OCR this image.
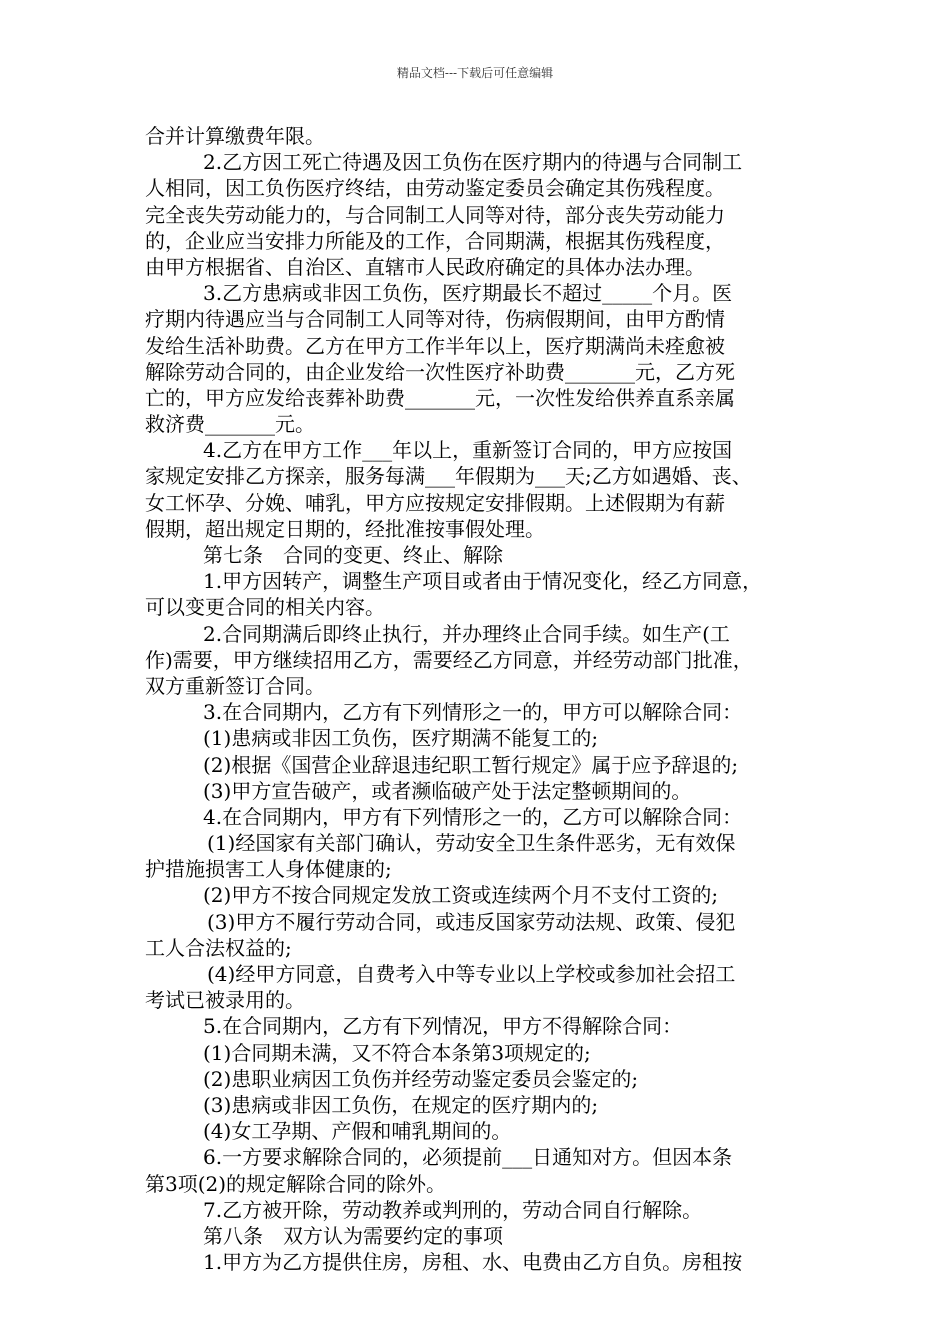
精品文档---下载后可任意编辑
合并计算缴费年限。
2.乙方因工死亡待遇及因工负伤在医疗期内的待遇与合同制工
人相同，因工负伤医疗终结，由劳动鉴定委员会确定其伤残程度。
完全丧失劳动能力的，与合同制工人同等对待，部分丧失劳动能力
的，企业应当安排力所能及的工作，合同期满，根据其伤残程度，
由甲方根据省、自治区、直辖市人民政府确定的具体办法办理。
3.乙方患病或非因工负伤，医疗期最长不超过_____个月。医
疗期内待遇应当与合同制工人同等对待，伤病假期间，由甲方酌情
发给生活补助费。乙方在甲方工作半年以上，医疗期满尚未痊愈被
解除劳动合同的，由企业发给一次性医疗补助费_______元，乙方死
亡的，甲方应发给丧葬补助费_______元，一次性发给供养直系亲属
救济费_______元。
4.乙方在甲方工作___年以上，重新签订合同的，甲方应按国
家规定安排乙方探亲，服务每满___年假期为___天;乙方如遇婚、丧、
女工怀孕、分娩、哺乳，甲方应按规定安排假期。上述假期为有薪
假期，超出规定日期的，经批准按事假处理。
第七条　合同的变更、终止、解除
1.甲方因转产，调整生产项目或者由于情况变化，经乙方同意，
可以变更合同的相关内容。
2.合同期满后即终止执行，并办理终止合同手续。如生产(工
作)需要，甲方继续招用乙方，需要经乙方同意，并经劳动部门批准，
双方重新签订合同。
3.在合同期内，乙方有下列情形之一的，甲方可以解除合同：
(1)患病或非因工负伤，医疗期满不能复工的;
(2)根据《国营企业辞退违纪职工暂行规定》属于应予辞退的;
(3)甲方宣告破产，或者濒临破产处于法定整顿期间的。
4.在合同期内，甲方有下列情形之一的，乙方可以解除合同：
(1)经国家有关部门确认，劳动安全卫生条件恶劣，无有效保
护措施损害工人身体健康的;
(2)甲方不按合同规定发放工资或连续两个月不支付工资的;
(3)甲方不履行劳动合同，或违反国家劳动法规、政策、侵犯
工人合法权益的;
(4)经甲方同意，自费考入中等专业以上学校或参加社会招工
考试已被录用的。
5.在合同期内，乙方有下列情况，甲方不得解除合同：
(1)合同期未满，又不符合本条第3项规定的;
(2)患职业病因工负伤并经劳动鉴定委员会鉴定的;
(3)患病或非因工负伤，在规定的医疗期内的;
(4)女工孕期、产假和哺乳期间的。
6.一方要求解除合同的，必须提前___日通知对方。但因本条
第3项(2)的规定解除合同的除外。
7.乙方被开除，劳动教养或判刑的，劳动合同自行解除。
第八条　双方认为需要约定的事项
1.甲方为乙方提供住房，房租、水、电费由乙方自负。房租按
